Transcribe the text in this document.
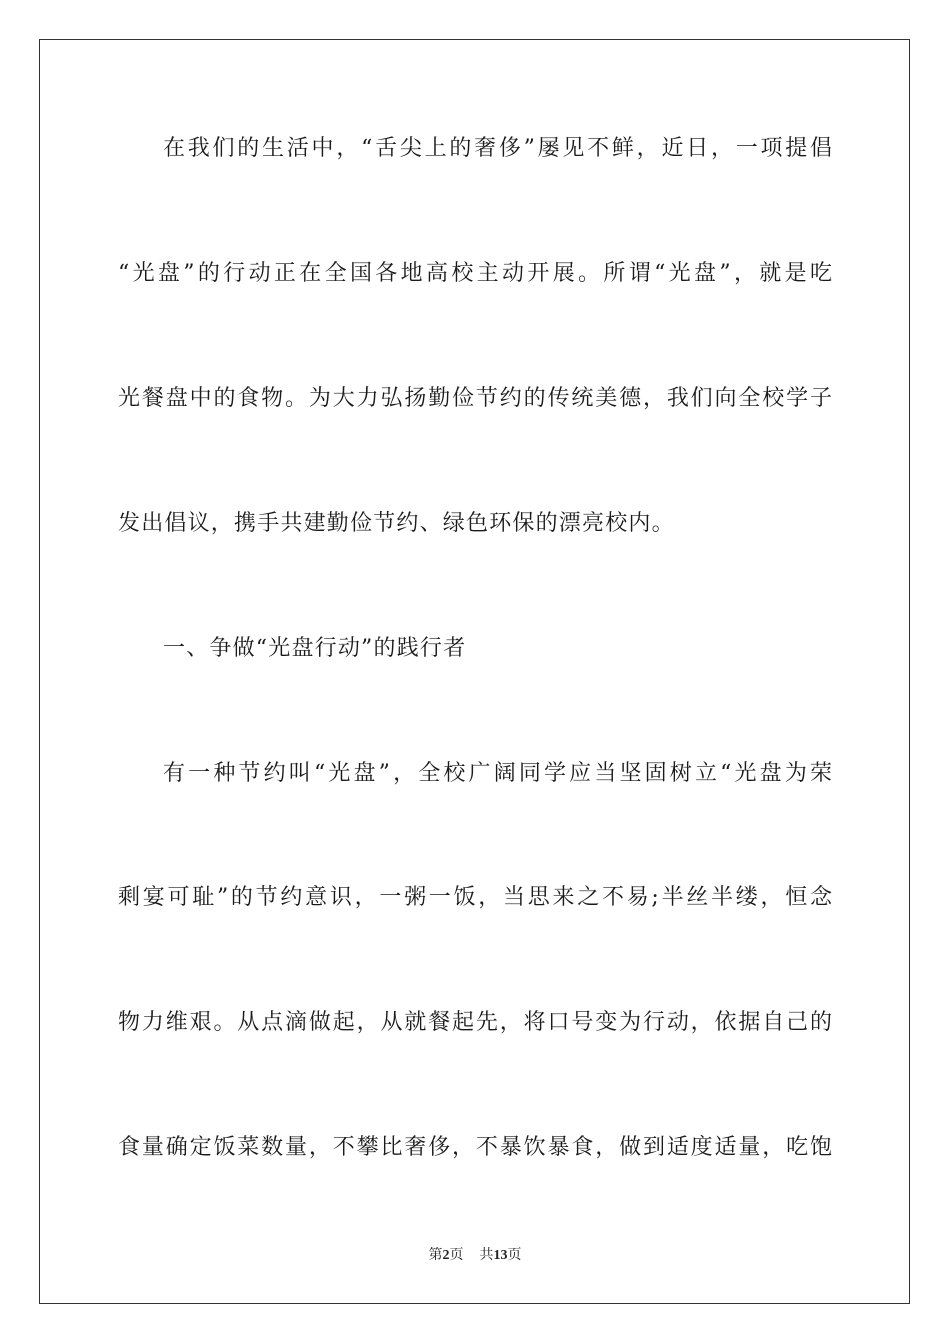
在我们的生活中，“舌尖上的奢侈”屡见不鲜，近日，一项提倡
“光盘”的行动正在全国各地高校主动开展。所谓“光盘”，就是吃
光餐盘中的食物。为大力弘扬勤俭节约的传统美德，我们向全校学子
发出倡议，携手共建勤俭节约、绿色环保的漂亮校内。
一、争做“光盘行动”的践行者
有一种节约叫“光盘”，全校广阔同学应当坚固树立“光盘为荣
剩宴可耻”的节约意识，一粥一饭，当思来之不易;半丝半缕，恒念
物力维艰。从点滴做起，从就餐起先，将口号变为行动，依据自己的
食量确定饭菜数量，不攀比奢侈，不暴饮暴食，做到适度适量，吃饱
第2页 共13页
